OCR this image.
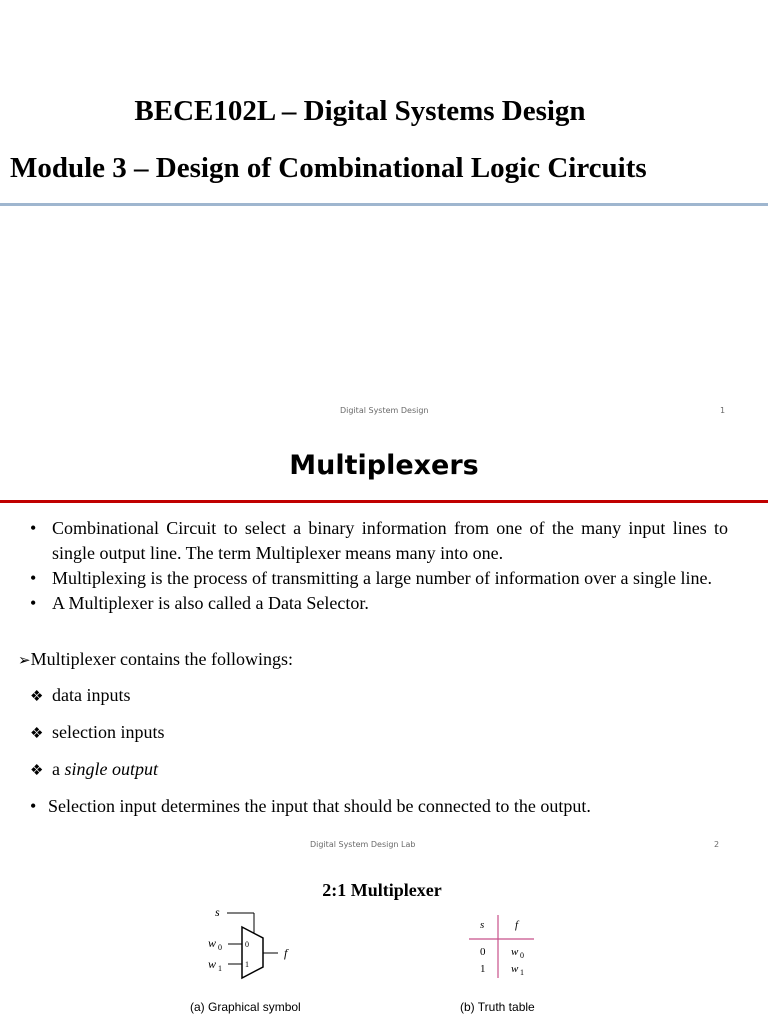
BECE102L – Digital Systems Design
Module 3 – Design of Combinational Logic Circuits
Digital System Design	1
Multiplexers
• Combinational Circuit to select a binary information from one of the many input lines to single output line. The term Multiplexer means many into one.
• Multiplexing is the process of transmitting a large number of information over a single line.
• A Multiplexer is also called a Data Selector.
➢Multiplexer contains the followings:
❖ data inputs
❖ selection inputs
❖ a single output
• Selection input determines the input that should be connected to the output.
Digital System Design Lab	2
2:1 Multiplexer
s
w 0	0
w 1	1
f
s	f
0 w 0
1 w 1
(a) Graphical symbol	(b) Truth table
